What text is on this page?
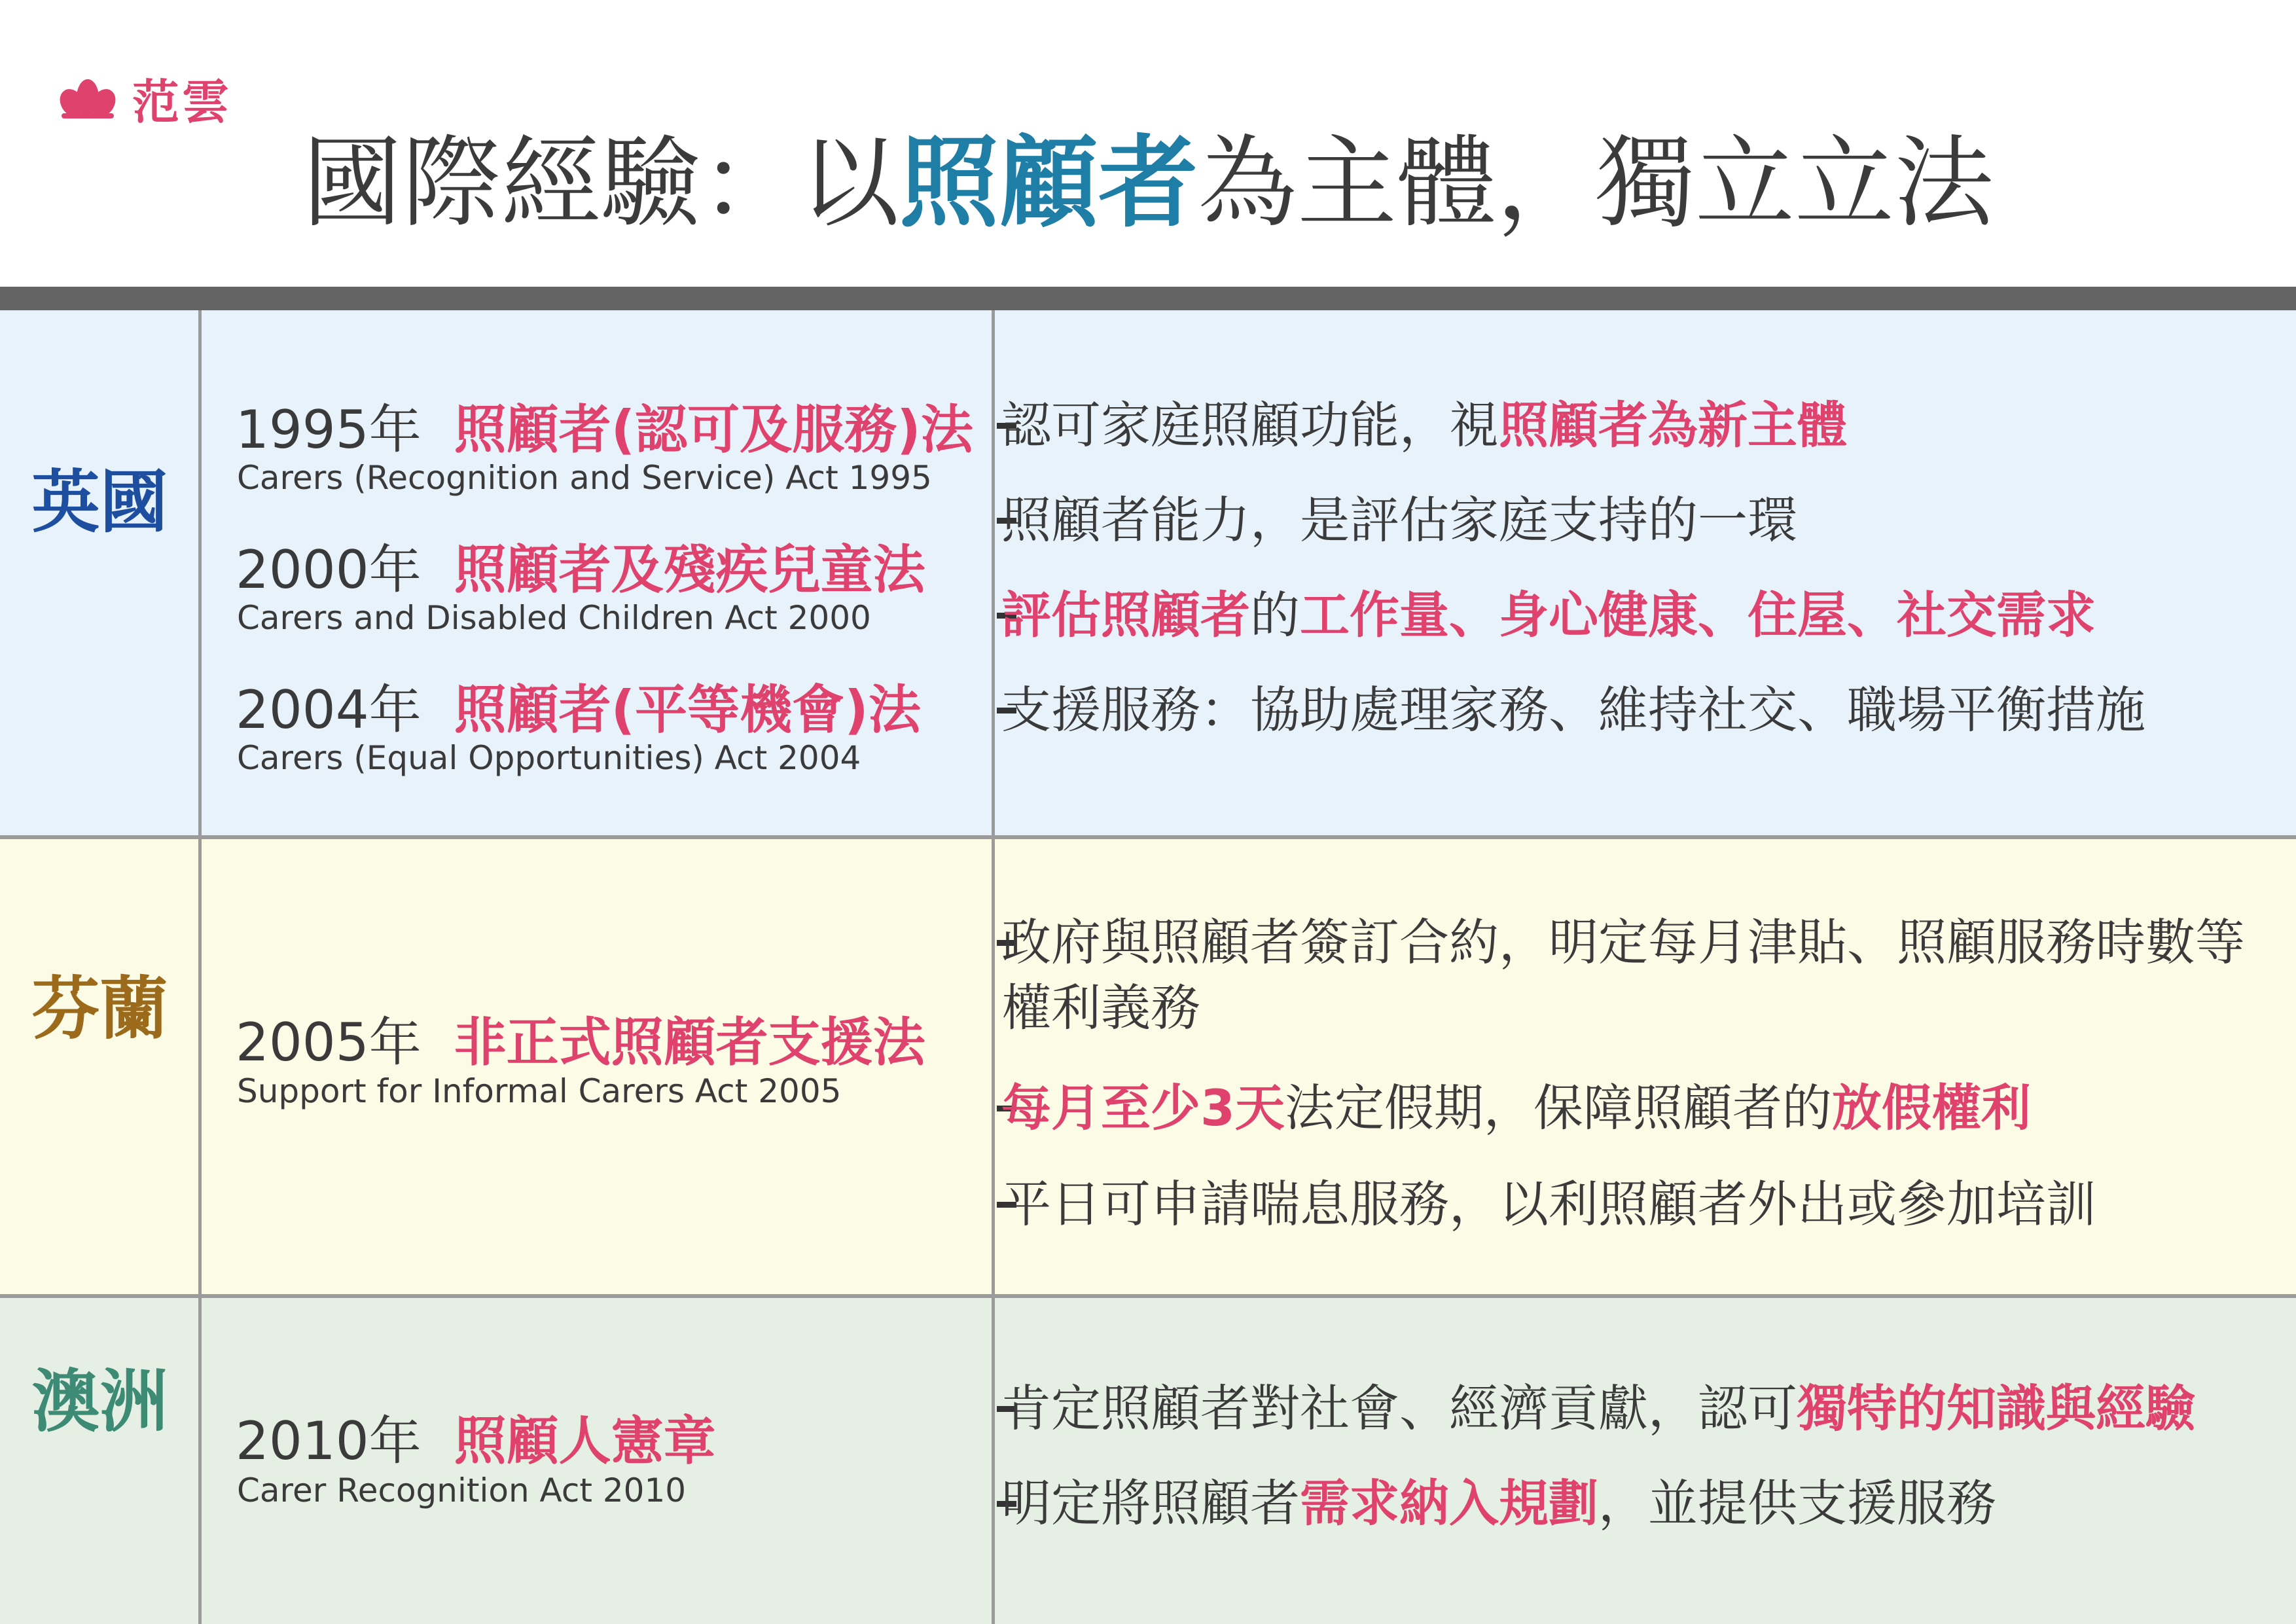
范雲
國際經驗：以照顧者為主體，獨立立法
英國
1995年 照顧者(認可及服務)法
Carers (Recognition and Service) Act 1995
2000年 照顧者及殘疾兒童法
Carers and Disabled Children Act 2000
2004年 照顧者(平等機會)法
Carers (Equal Opportunities) Act 2004
認可家庭照顧功能，視照顧者為新主體
照顧者能力，是評估家庭支持的一環
評估照顧者的工作量、身心健康、住屋、社交需求
支援服務：協助處理家務、維持社交、職場平衡措施
芬蘭	2005年 非正式照顧者支援法
Support for Informal Carers Act 2005
政府與照顧者簽訂合約，明定每月津貼、照顧服務時數等權利義務
每月至少3天法定假期，保障照顧者的放假權利
平日可申請喘息服務，以利照顧者外出或參加培訓
澳洲	2010年 照顧人憲章
Carer Recognition Act 2010
肯定照顧者對社會、經濟貢獻，認可獨特的知識與經驗
明定將照顧者需求納入規劃，並提供支援服務
